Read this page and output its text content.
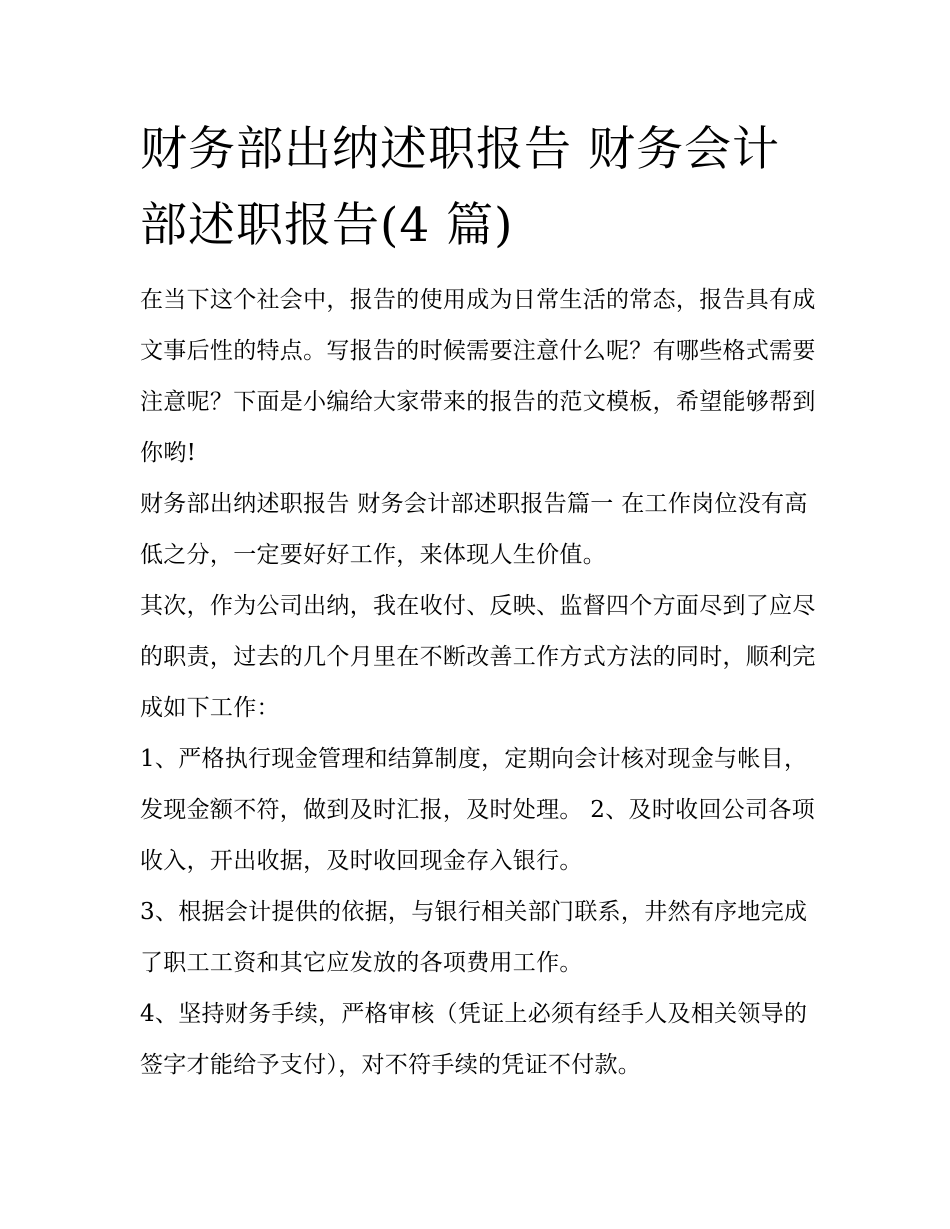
财务部出纳述职报告 财务会计部述职报告(4 篇)

在当下这个社会中，报告的使用成为日常生活的常态，报告具有成文事后性的特点。写报告的时候需要注意什么呢？有哪些格式需要注意呢？下面是小编给大家带来的报告的范文模板，希望能够帮到你哟!

财务部出纳述职报告 财务会计部述职报告篇一 在工作岗位没有高低之分，一定要好好工作，来体现人生价值。

其次，作为公司出纳，我在收付、反映、监督四个方面尽到了应尽的职责，过去的几个月里在不断改善工作方式方法的同时，顺利完成如下工作：

1、严格执行现金管理和结算制度，定期向会计核对现金与帐目，发现金额不符，做到及时汇报，及时处理。 2、及时收回公司各项收入，开出收据，及时收回现金存入银行。

3、根据会计提供的依据，与银行相关部门联系，井然有序地完成了职工工资和其它应发放的各项费用工作。

4、坚持财务手续，严格审核（凭证上必须有经手人及相关领导的签字才能给予支付），对不符手续的凭证不付款。
